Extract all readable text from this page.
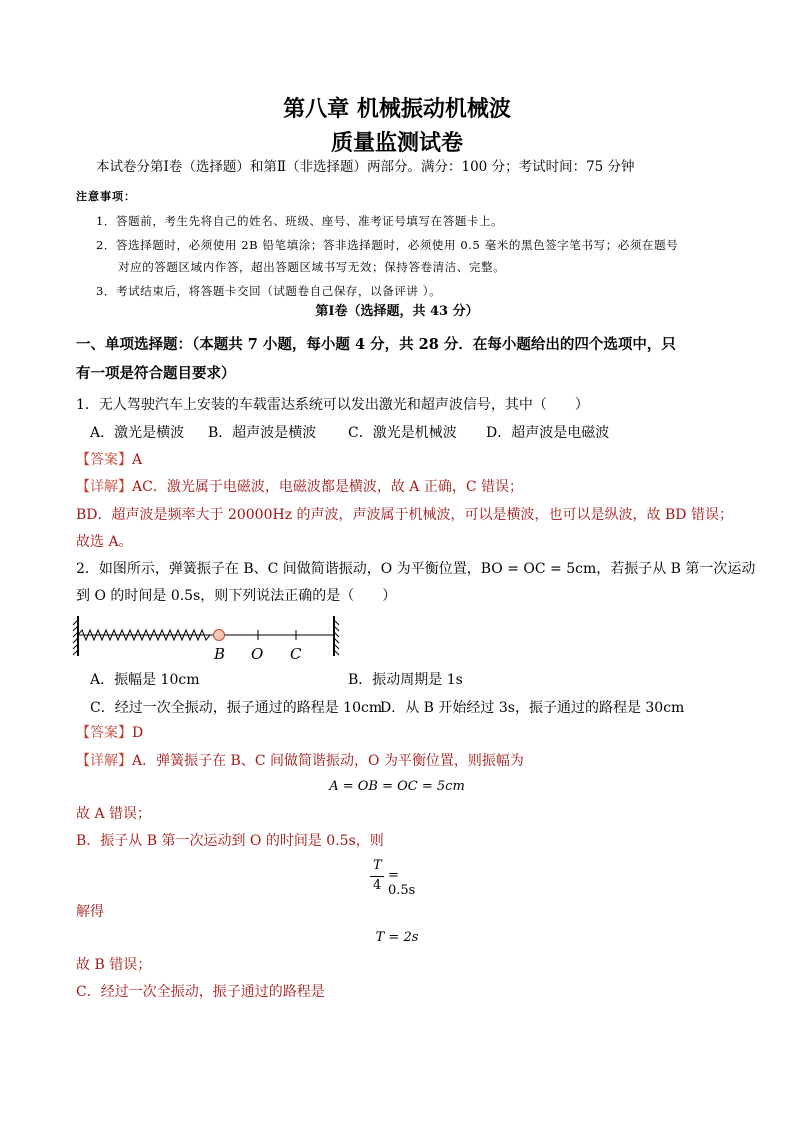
第八章 机械振动机械波
质量监测试卷
本试卷分第Ⅰ卷（选择题）和第Ⅱ（非选择题）两部分。满分：100 分；考试时间：75 分钟
注意事项：
1．答题前，考生先将自己的姓名、班级、座号、准考证号填写在答题卡上。
2．答选择题时，必须使用 2B 铅笔填涂；答非选择题时，必须使用 0.5 毫米的黑色签字笔书写；必须在题号
对应的答题区域内作答，超出答题区域书写无效；保持答卷清洁、完整。
3．考试结束后，将答题卡交回（试题卷自己保存，以备评讲 ）。
第Ⅰ卷（选择题，共 43 分）
一、单项选择题：（本题共 7 小题，每小题 4 分，共 28 分．在每小题给出的四个选项中，只
有一项是符合题目要求）
1．无人驾驶汽车上安装的车载雷达系统可以发出激光和超声波信号，其中（　　）
A．激光是横波 B．超声波是横波 C．激光是机械波 D．超声波是电磁波
【答案】A
【详解】AC．激光属于电磁波，电磁波都是横波，故 A 正确，C 错误；
BD．超声波是频率大于 20000Hz 的声波，声波属于机械波，可以是横波，也可以是纵波，故 BD 错误；
故选 A。
2．如图所示，弹簧振子在 B、C 间做简谐振动，O 为平衡位置，BO = OC = 5cm，若振子从 B 第一次运动
到 O 的时间是 0.5s，则下列说法正确的是（　　）
B O C
A．振幅是 10cm	B．振动周期是 1s
C．经过一次全振动，振子通过的路程是 10cm
D．从 B 开始经过 3s，振子通过的路程是 30cm
【答案】D
【详解】A．弹簧振子在 B、C 间做简谐振动，O 为平衡位置，则振幅为
A = OB = OC = 5cm
故 A 错误；
B．振子从 B 第一次运动到 O 的时间是 0.5s，则
T
4
= 0.5s
解得
T = 2s
故 B 错误；
C．经过一次全振动，振子通过的路程是
